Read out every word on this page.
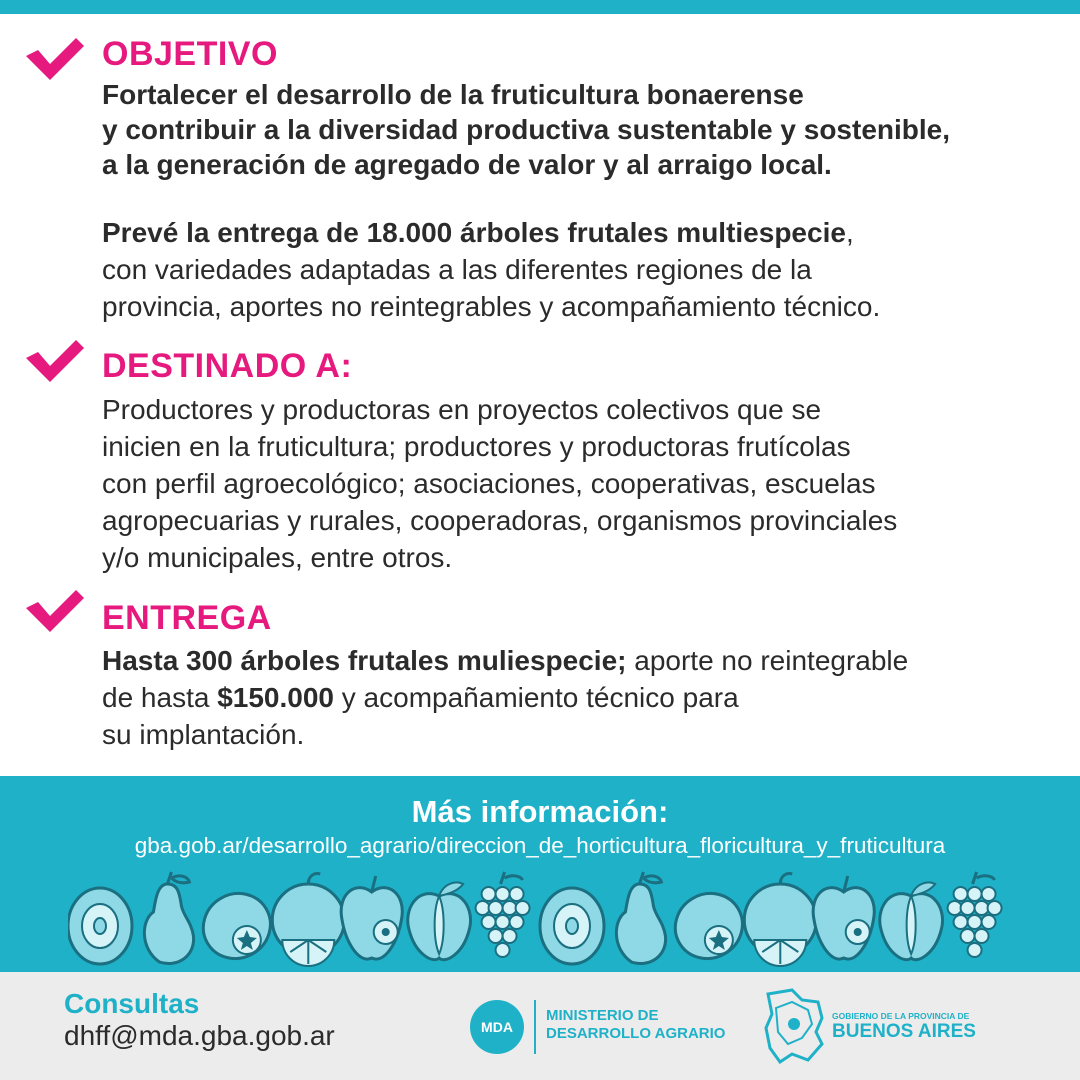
OBJETIVO

Fortalecer el desarrollo de la fruticultura bonaerense

y contribuir a la diversidad productiva sustentable y sostenible,

a la generación de agregado de valor y al arraigo local.

Prevé la entrega de 18.000 árboles frutales multiespecie,

con variedades adaptadas a las diferentes regiones de la

provincia, aportes no reintegrables y acompañamiento técnico.

DESTINADO A:

Productores y productoras en proyectos colectivos que se

inicien en la fruticultura; productores y productoras frutícolas

con perfil agroecológico; asociaciones, cooperativas, escuelas

agropecuarias y rurales, cooperadoras, organismos provinciales

y/o municipales, entre otros.

ENTREGA

Hasta 300 árboles frutales muliespecie; aporte no reintegrable

de hasta $150.000 y acompañamiento técnico para

su implantación.

Más información:

gba.gob.ar/desarrollo_agrario/direccion_de_horticultura_floricultura_y_fruticultura

Consultas

dhff@mda.gba.gob.ar	MDA

MINISTERIO DE

DESARROLLO AGRARIO

GOBIERNO DE LA PROVINCIA DE

BUENOS AIRES
